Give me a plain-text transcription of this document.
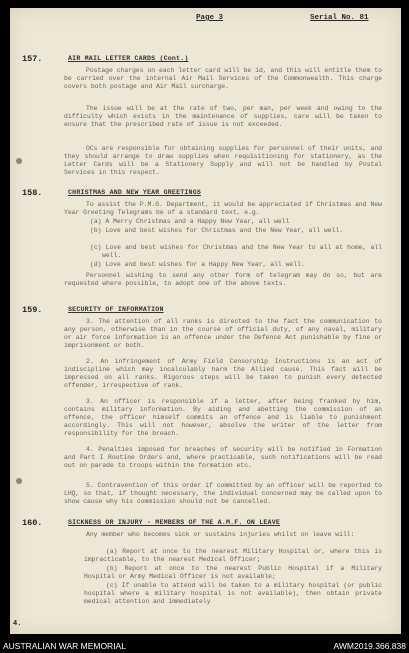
Page 3	Serial No. 81
157.	AIR MAIL LETTER CARDS (Cont.)
Postage charges on each letter card will be 1d, and this will entitle them to be carried over the internal Air Mail Services of the Commonwealth. This charge covers both postage and Air Mail surcharge.
The issue will be at the rate of two, per man, per week and owing to the difficulty which exists in the maintenance of supplies, care will be taken to ensure that the prescribed rate of issue is not exceeded.
OCs are responsible for obtaining supplies for personnel of their units, and they should arrange to draw supplies when requisitioning for stationery, as the Letter Cards will be a Stationery Supply and will not be handled by Postal Services in this respect.
158.	CHRISTMAS AND NEW YEAR GREETINGS
To assist the P.M.G. Department, it would be appreciated if Christmas and New Year Greeting Telegrams be of a standard text, e.g.
(a) A Merry Christmas and a Happy New Year, all well
(b) Love and best wishes for Christmas and the New Year, all well.
(c) Love and best wishes for Christmas and the New Year to all at home, all well.
(d) Love and best wishes for a Happy New Year, all well.
Personnel wishing to send any other form of telegram may do so, but are requested where possible, to adopt one of the above texts.
159.	SECURITY OF INFORMATION
3. The attention of all ranks is directed to the fact the communication to any person, otherwise than in the course of official duty, of any naval, military or air force information is an offence under the Defence Act punishable by fine or imprisonment or both.
2. An infringement of Army Field Censorship Instructions is an act of indiscipline which may incalculably harm the Allied cause. This fact will be impressed on all ranks. Rigorous steps will be taken to punish every detected offender, irrespective of rank.
3. An officer is responsible if a letter, after being franked by him, contains military information. By aiding and abetting the commission of an offence, the officer himself commits an offence and is liable to punishment accordingly. This will not however, absolve the writer of the letter from responsibility for the breach.
4. Penalties imposed for breaches of security will be notified in Formation and Part I Routine Orders and, where practicable, such notifications will be read out on parade to troops within the formation etc.
5. Contravention of this order if committed by an officer will be reported to LHQ, so that, if thought necessary, the individual concerned may be called upon to show cause why his commission should not be cancelled.
160.	SICKNESS OR INJURY - MEMBERS OF THE A.M.F. ON LEAVE
Any member who becomes sick or sustains injuries whilst on leave will:
(a) Report at once to the nearest Military Hospital or, where this is impracticable, to the nearest Medical Officer;
(b) Report at once to the nearest Public Hospital if a Military Hospital or Army Medical Officer is not available;
(c) If unable to attend will be taken to a military hospital (or public hospital where a military hospital is not available), then obtain private medical attention and immediately
4.
AUSTRALIAN WAR MEMORIAL	AWM2019.366.838
